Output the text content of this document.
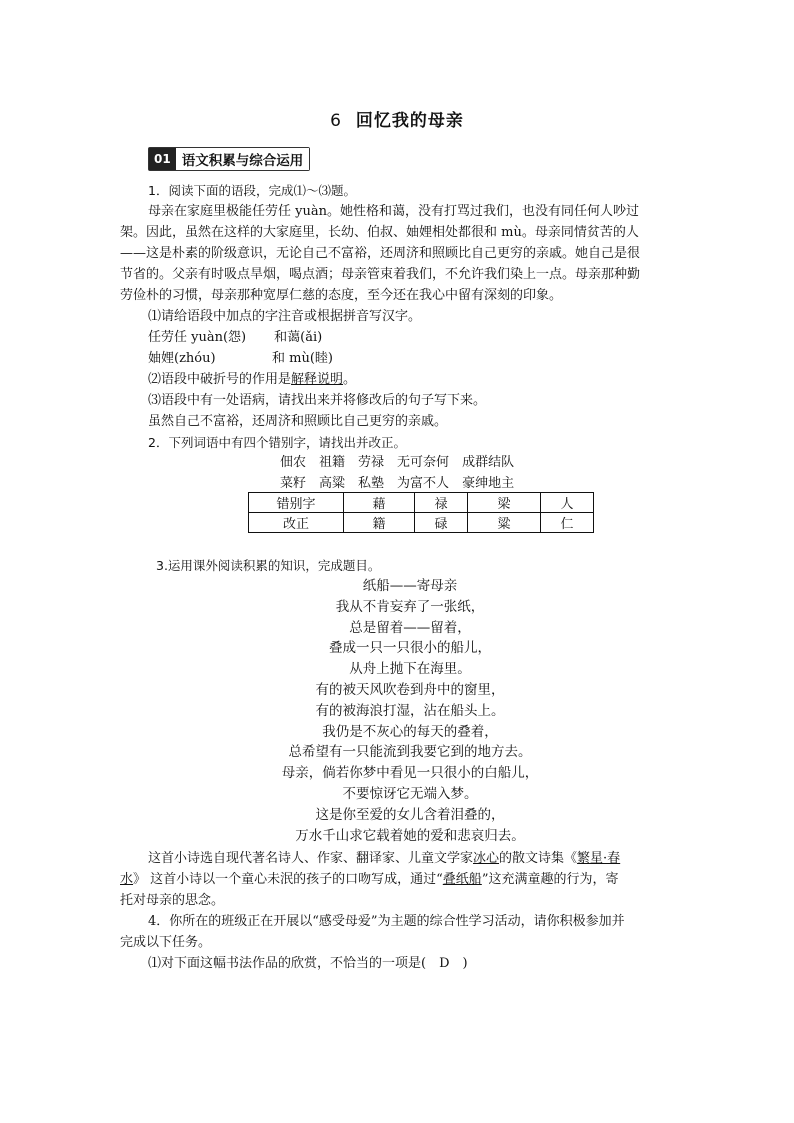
6 回忆我的母亲
01 语文积累与综合运用

1．阅读下面的语段，完成⑴～⑶题。

母亲在家庭里极能任劳任 yuàn。她性格和蔼，没有打骂过我们，也没有同任何人吵过

架。因此，虽然在这样的大家庭里，长幼、伯叔、妯娌相处都很和 mù。母亲同情贫苦的人

——这是朴素的阶级意识，无论自己不富裕，还周济和照顾比自己更穷的亲戚。她自己是很

节省的。父亲有时吸点旱烟，喝点酒；母亲管束着我们，不允许我们染上一点。母亲那种勤

劳俭朴的习惯，母亲那种宽厚仁慈的态度，至今还在我心中留有深刻的印象。

⑴请给语段中加点的字注音或根据拼音写汉字。

任劳任 yuàn(怨) 和蔼(ǎi)

妯娌(zhóu)	和 mù(睦)

⑵语段中破折号的作用是解释说明。

⑶语段中有一处语病，请找出来并将修改后的句子写下来。

虽然自己不富裕，还周济和照顾比自己更穷的亲戚。

2．下列词语中有四个错别字，请找出并改正。

佃农 祖籍 劳禄 无可奈何 成群结队
菜籽 高粱 私塾 为富不人 豪绅地主
错别字	藉	禄	梁	人
改正	籍	碌	粱	仁

3.运用课外阅读积累的知识，完成题目。

纸船——寄母亲
我从不肯妄弃了一张纸，
总是留着——留着，
叠成一只一只很小的船儿，
从舟上抛下在海里。
有的被天风吹卷到舟中的窗里，
有的被海浪打湿，沾在船头上。
我仍是不灰心的每天的叠着，
总希望有一只能流到我要它到的地方去。
母亲，倘若你梦中看见一只很小的白船儿，
不要惊讶它无端入梦。
这是你至爱的女儿含着泪叠的，
万水千山求它载着她的爱和悲哀归去。

这首小诗选自现代著名诗人、作家、翻译家、儿童文学家冰心的散文诗集《繁星·春

水》 这首小诗以一个童心未泯的孩子的口吻写成，通过“叠纸船”这充满童趣的行为，寄

托对母亲的思念。

4．你所在的班级正在开展以“感受母爱”为主题的综合性学习活动，请你积极参加并

完成以下任务。

⑴对下面这幅书法作品的欣赏，不恰当的一项是(　D　)
